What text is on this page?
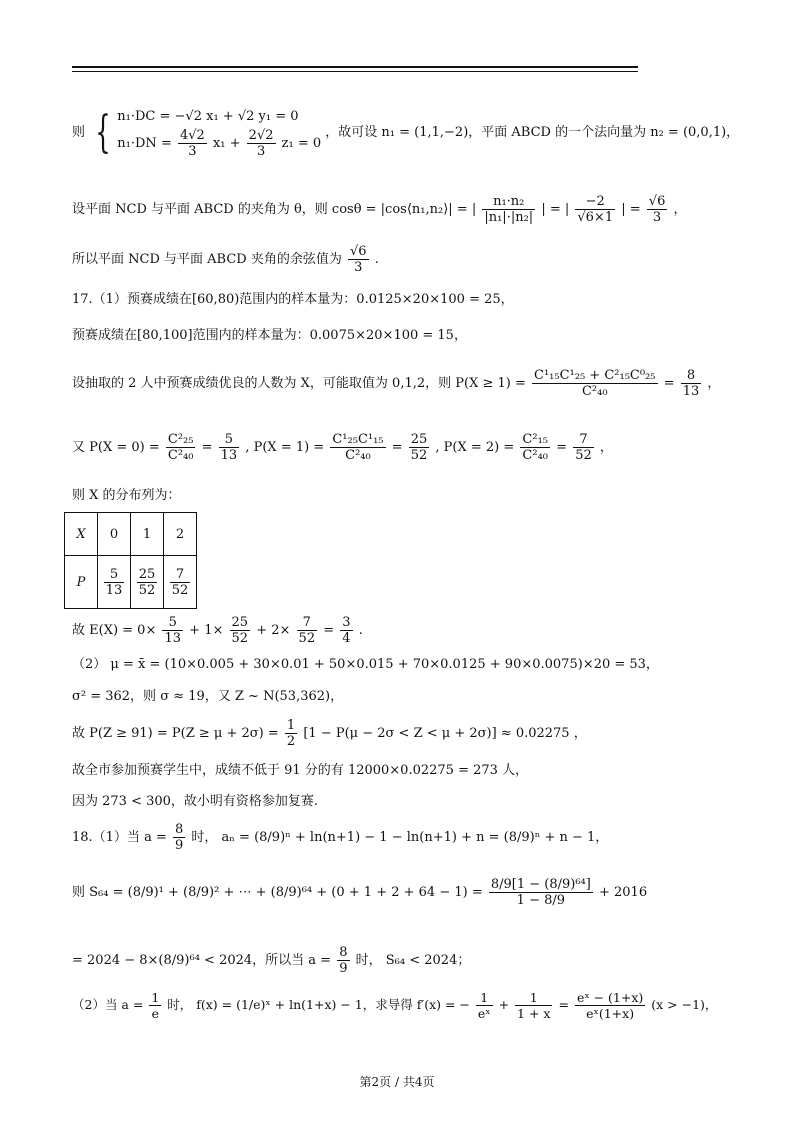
则 { n₁·DC = −√2 x₁ + √2 y₁ = 0
$n_1\cdot DN = \frac{4√2}{3} x_1 + \frac{2√2}{3} z_1 = 0$
，故可设 n₁ = (1,1,−2)，平面 ABCD 的一个法向量为 n₂ = (0,0,1)，
设平面 NCD 与平面 ABCD 的夹角为 θ，则 cosθ = |cos⟨n₁,n₂⟩| = | $\frac{\text{n₁·n₂}}{\text{|n₁|·|n₂|}}$ | = | $\frac{-2}{√6\times 1}$ | = $\frac{√6}{3}$ ，
所以平面 NCD 与平面 ABCD 夹角的余弦值为 $\frac{√6}{3}$ .
17.（1）预赛成绩在[60,80)范围内的样本量为：0.0125×20×100 = 25，
预赛成绩在[80,100]范围内的样本量为：0.0075×20×100 = 15，
设抽取的 2 人中预赛成绩优良的人数为 X，可能取值为 0,1,2，则 $P(X \ge 1) = \frac{\text{C¹₁₅C¹₂₅ + C²₁₅C⁰₂₅}}{\text{C²₄₀}} = \frac{8}{13}$ ，
又 $P(X = 0) = \frac{\text{C²₂₅}}{\text{C²₄₀}} = \frac{5}{13}$ , $P(X = 1) = \frac{\text{C¹₂₅C¹₁₅}}{\text{C²₄₀}} = \frac{25}{52}$ , $P(X = 2) = \frac{\text{C²₁₅}}{\text{C²₄₀}} = \frac{7}{52}$ ，
则 X 的分布列为：
X	0	1	2
P	$\frac{5}{13}$	$\frac{25}{52}$	$\frac{7}{52}$
故 $E(X) = 0\times \frac{5}{13} + 1\times \frac{25}{52} + 2\times \frac{7}{52} = \frac{3}{4}$ .
（2） μ = x̄ = (10×0.005 + 30×0.01 + 50×0.015 + 70×0.0125 + 90×0.0075)×20 = 53，
σ² = 362，则 σ ≈ 19，又 Z ~ N(53,362)，
故 $P(Z \ge 91) = P(Z \ge \mu + 2\sigma) = \frac{1}{2} [1 - P(\mu - 2\sigma < Z < \mu + 2\sigma)] \approx 0.02275$ ，
故全市参加预赛学生中，成绩不低于 91 分的有 12000×0.02275 = 273 人，
因为 273 < 300，故小明有资格参加复赛.
18.（1）当 $a = \frac{8}{9}$ 时， aₙ = (8/9)ⁿ + ln(n+1) − 1 − ln(n+1) + n = (8/9)ⁿ + n − 1，
则 S₆₄ = (8/9)¹ + (8/9)² + ⋯ + $(8/9)^{64} + (0 + 1 + 2 + 64 - 1) = \frac{\text{8/9[1 − (8/9)⁶⁴]}}{1 - 8/9} + 2016$
= 2024 − 8×(8/9)⁶⁴ < 2024，所以当 $a = \frac{8}{9}$ 时， S₆₄ < 2024；
（2）当 $a = \frac{1}{e}$ 时， f(x) = (1/e)ˣ + ln(1+x) − 1，求导得 f′(x) = − $\frac{1}{\text{eˣ}} + \frac{1}{1 + x} = \frac{\text{eˣ − (1+x)}}{\text{eˣ(1+x)}} (x > -1)$，
第2页 / 共4页
